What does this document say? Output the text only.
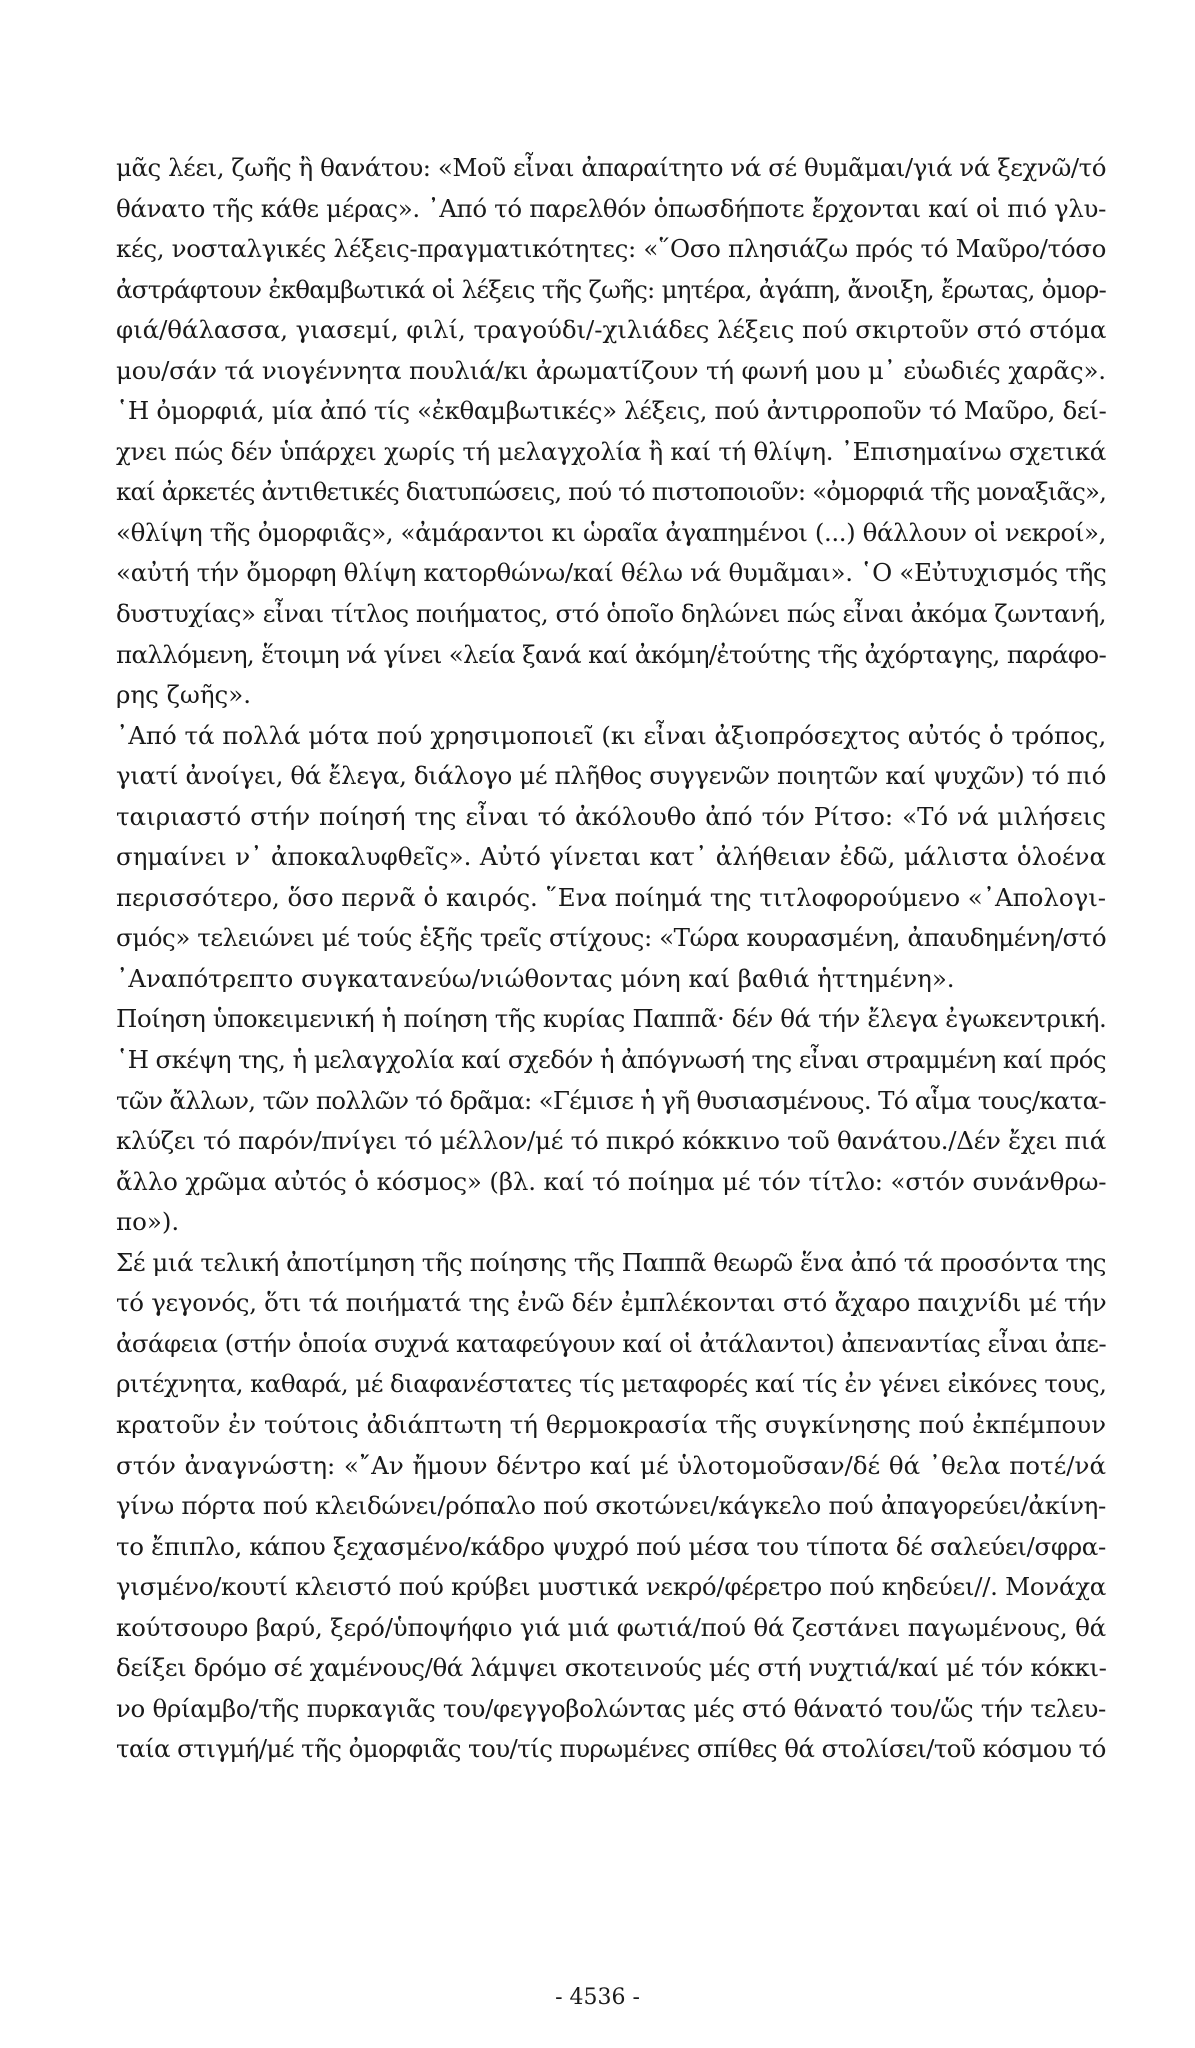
μᾶς λέει, ζωῆς ἢ θανάτου: «Μοῦ εἶναι ἀπαραίτητο νά σέ θυμᾶμαι/γιά νά ξεχνῶ/τό
θάνατο τῆς κάθε μέρας». ᾿Από τό παρελθόν ὁπωσδήποτε ἔρχονται καί οἱ πιό γλυ-
κές, νοσταλγικές λέξεις-πραγματικότητες: «῞Οσο πλησιάζω πρός τό Μαῦρο/τόσο
ἀστράφτουν ἐκθαμβωτικά οἱ λέξεις τῆς ζωῆς: μητέρα, ἀγάπη, ἄνοιξη, ἔρωτας, ὀμορ-
φιά/θάλασσα, γιασεμί, φιλί, τραγούδι/-χιλιάδες λέξεις πού σκιρτοῦν στό στόμα
μου/σάν τά νιογέννητα πουλιά/κι ἀρωματίζουν τή φωνή μου μ᾿ εὐωδιές χαρᾶς».
῾Η ὀμορφιά, μία ἀπό τίς «ἐκθαμβωτικές» λέξεις, πού ἀντιρροποῦν τό Μαῦρο, δεί-
χνει πώς δέν ὑπάρχει χωρίς τή μελαγχολία ἢ καί τή θλίψη. ᾿Επισημαίνω σχετικά
καί ἀρκετές ἀντιθετικές διατυπώσεις, πού τό πιστοποιοῦν: «ὀμορφιά τῆς μοναξιᾶς»,
«θλίψη τῆς ὀμορφιᾶς», «ἀμάραντοι κι ὡραῖα ἀγαπημένοι (...) θάλλουν οἱ νεκροί»,
«αὐτή τήν ὄμορφη θλίψη κατορθώνω/καί θέλω νά θυμᾶμαι». ῾Ο «Εὐτυχισμός τῆς
δυστυχίας» εἶναι τίτλος ποιήματος, στό ὁποῖο δηλώνει πώς εἶναι ἀκόμα ζωντανή,
παλλόμενη, ἕτοιμη νά γίνει «λεία ξανά καί ἀκόμη/ἐτούτης τῆς ἀχόρταγης, παράφο-
ρης ζωῆς».
᾿Από τά πολλά μότα πού χρησιμοποιεῖ (κι εἶναι ἀξιοπρόσεχτος αὐτός ὁ τρόπος,
γιατί ἀνοίγει, θά ἔλεγα, διάλογο μέ πλῆθος συγγενῶν ποιητῶν καί ψυχῶν) τό πιό
ταιριαστό στήν ποίησή της εἶναι τό ἀκόλουθο ἀπό τόν Ρίτσο: «Τό νά μιλήσεις
σημαίνει ν᾿ ἀποκαλυφθεῖς». Αὐτό γίνεται κατ᾿ ἀλήθειαν ἐδῶ, μάλιστα ὁλοένα
περισσότερο, ὅσο περνᾶ ὁ καιρός. ῞Ενα ποίημά της τιτλοφορούμενο «᾿Απολογι-
σμός» τελειώνει μέ τούς ἑξῆς τρεῖς στίχους: «Τώρα κουρασμένη, ἀπαυδημένη/στό
᾿Αναπότρεπτο συγκατανεύω/νιώθοντας μόνη καί βαθιά ἡττημένη».
Ποίηση ὑποκειμενική ἡ ποίηση τῆς κυρίας Παππᾶ· δέν θά τήν ἔλεγα ἐγωκεντρική.
῾Η σκέψη της, ἡ μελαγχολία καί σχεδόν ἡ ἀπόγνωσή της εἶναι στραμμένη καί πρός
τῶν ἄλλων, τῶν πολλῶν τό δρᾶμα: «Γέμισε ἡ γῆ θυσιασμένους. Τό αἷμα τους/κατα-
κλύζει τό παρόν/πνίγει τό μέλλον/μέ τό πικρό κόκκινο τοῦ θανάτου./Δέν ἔχει πιά
ἄλλο χρῶμα αὐτός ὁ κόσμος» (βλ. καί τό ποίημα μέ τόν τίτλο: «στόν συνάνθρω-
πο»).
Σέ μιά τελική ἀποτίμηση τῆς ποίησης τῆς Παππᾶ θεωρῶ ἕνα ἀπό τά προσόντα της
τό γεγονός, ὅτι τά ποιήματά της ἐνῶ δέν ἐμπλέκονται στό ἄχαρο παιχνίδι μέ τήν
ἀσάφεια (στήν ὁποία συχνά καταφεύγουν καί οἱ ἀτάλαντοι) ἀπεναντίας εἶναι ἀπε-
ριτέχνητα, καθαρά, μέ διαφανέστατες τίς μεταφορές καί τίς ἐν γένει εἰκόνες τους,
κρατοῦν ἐν τούτοις ἀδιάπτωτη τή θερμοκρασία τῆς συγκίνησης πού ἐκπέμπουν
στόν ἀναγνώστη: «῎Αν ἤμουν δέντρο καί μέ ὑλοτομοῦσαν/δέ θά ᾿θελα ποτέ/νά
γίνω πόρτα πού κλειδώνει/ρόπαλο πού σκοτώνει/κάγκελο πού ἀπαγορεύει/ἀκίνη-
το ἔπιπλο, κάπου ξεχασμένο/κάδρο ψυχρό πού μέσα του τίποτα δέ σαλεύει/σφρα-
γισμένο/κουτί κλειστό πού κρύβει μυστικά νεκρό/φέρετρο πού κηδεύει//. Μονάχα
κούτσουρο βαρύ, ξερό/ὑποψήφιο γιά μιά φωτιά/πού θά ζεστάνει παγωμένους, θά
δείξει δρόμο σέ χαμένους/θά λάμψει σκοτεινούς μές στή νυχτιά/καί μέ τόν κόκκι-
νο θρίαμβο/τῆς πυρκαγιᾶς του/φεγγοβολώντας μές στό θάνατό του/ὥς τήν τελευ-
ταία στιγμή/μέ τῆς ὀμορφιᾶς του/τίς πυρωμένες σπίθες θά στολίσει/τοῦ κόσμου τό
- 4536 -
